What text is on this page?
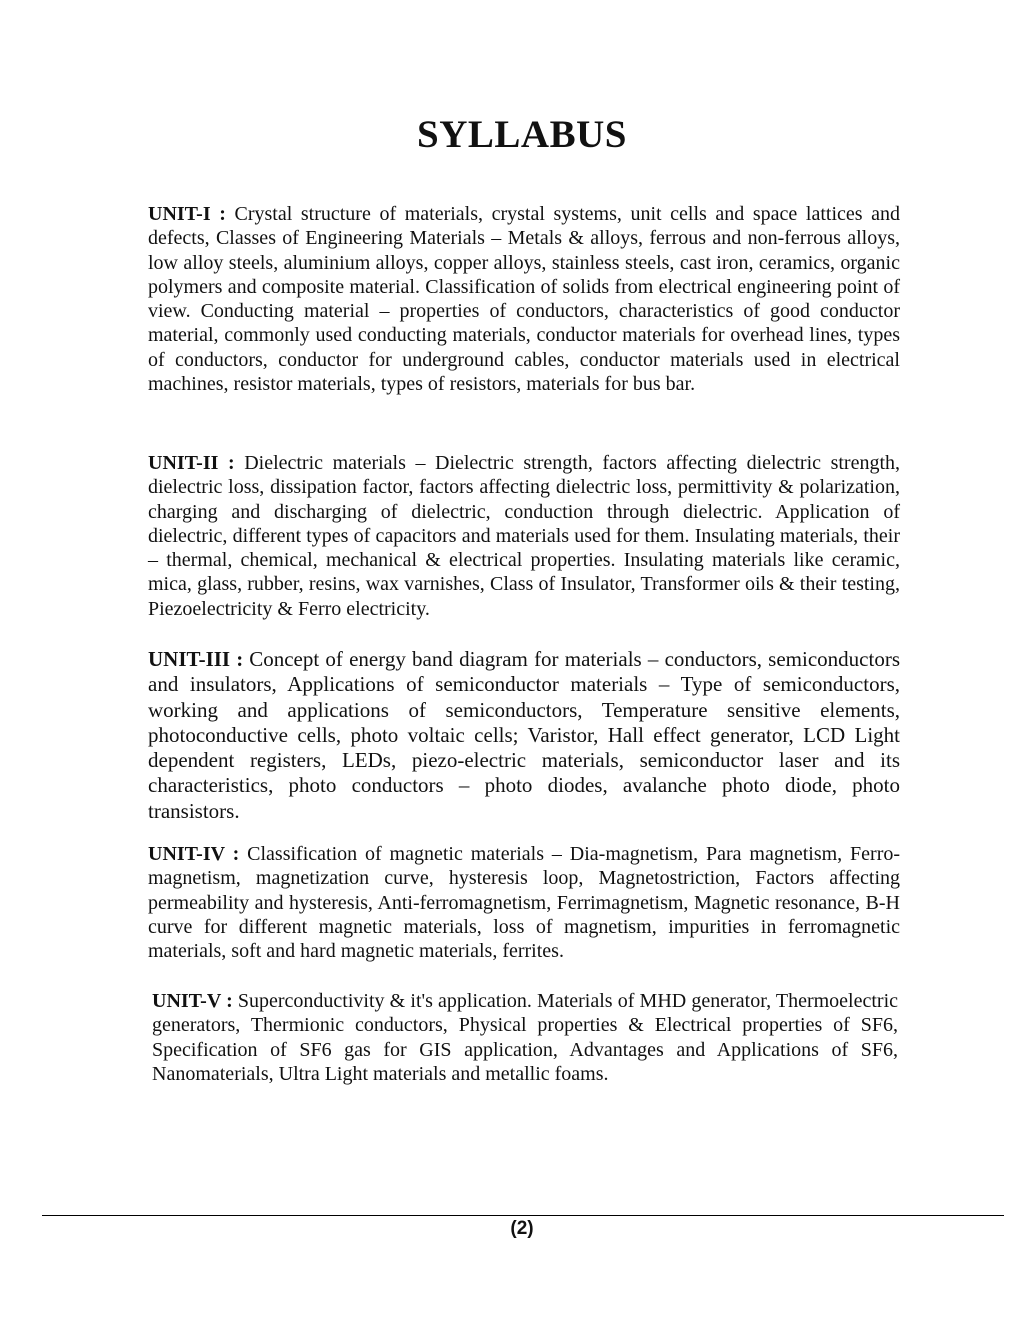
SYLLABUS

UNIT-I : Crystal structure of materials, crystal systems, unit cells and space lattices and defects, Classes of Engineering Materials – Metals & alloys, ferrous and non-ferrous alloys, low alloy steels, aluminium alloys, copper alloys, stainless steels, cast iron, ceramics, organic polymers and composite material. Classification of solids from electrical engineering point of view. Conducting material – properties of conductors, characteristics of good conductor material, commonly used conducting materials, conductor materials for overhead lines, types of conductors, conductor for underground cables, conductor materials used in electrical machines, resistor materials, types of resistors, materials for bus bar.

UNIT-II : Dielectric materials – Dielectric strength, factors affecting dielectric strength, dielectric loss, dissipation factor, factors affecting dielectric loss, permittivity & polarization, charging and discharging of dielectric, conduction through dielectric. Application of dielectric, different types of capacitors and materials used for them. Insulating materials, their – thermal, chemical, mechanical & electrical properties. Insulating materials like ceramic, mica, glass, rubber, resins, wax varnishes, Class of Insulator, Transformer oils & their testing, Piezoelectricity & Ferro electricity.

UNIT-III : Concept of energy band diagram for materials – conductors, semiconductors and insulators, Applications of semiconductor materials – Type of semiconductors, working and applications of semiconductors, Temperature sensitive elements, photoconductive cells, photo voltaic cells; Varistor, Hall effect generator, LCD Light dependent registers, LEDs, piezo-electric materials, semiconductor laser and its characteristics, photo conductors – photo diodes, avalanche photo diode, photo transistors.

UNIT-IV : Classification of magnetic materials – Dia-magnetism, Para magnetism, Ferro-magnetism, magnetization curve, hysteresis loop, Magnetostriction, Factors affecting permeability and hysteresis, Anti-ferromagnetism, Ferrimagnetism, Magnetic resonance, B-H curve for different magnetic materials, loss of magnetism, impurities in ferromagnetic materials, soft and hard magnetic materials, ferrites.

UNIT-V : Superconductivity & it's application. Materials of MHD generator, Thermoelectric generators, Thermionic conductors, Physical properties & Electrical properties of SF6, Specification of SF6 gas for GIS application, Advantages and Applications of SF6, Nanomaterials, Ultra Light materials and metallic foams.

(2)
